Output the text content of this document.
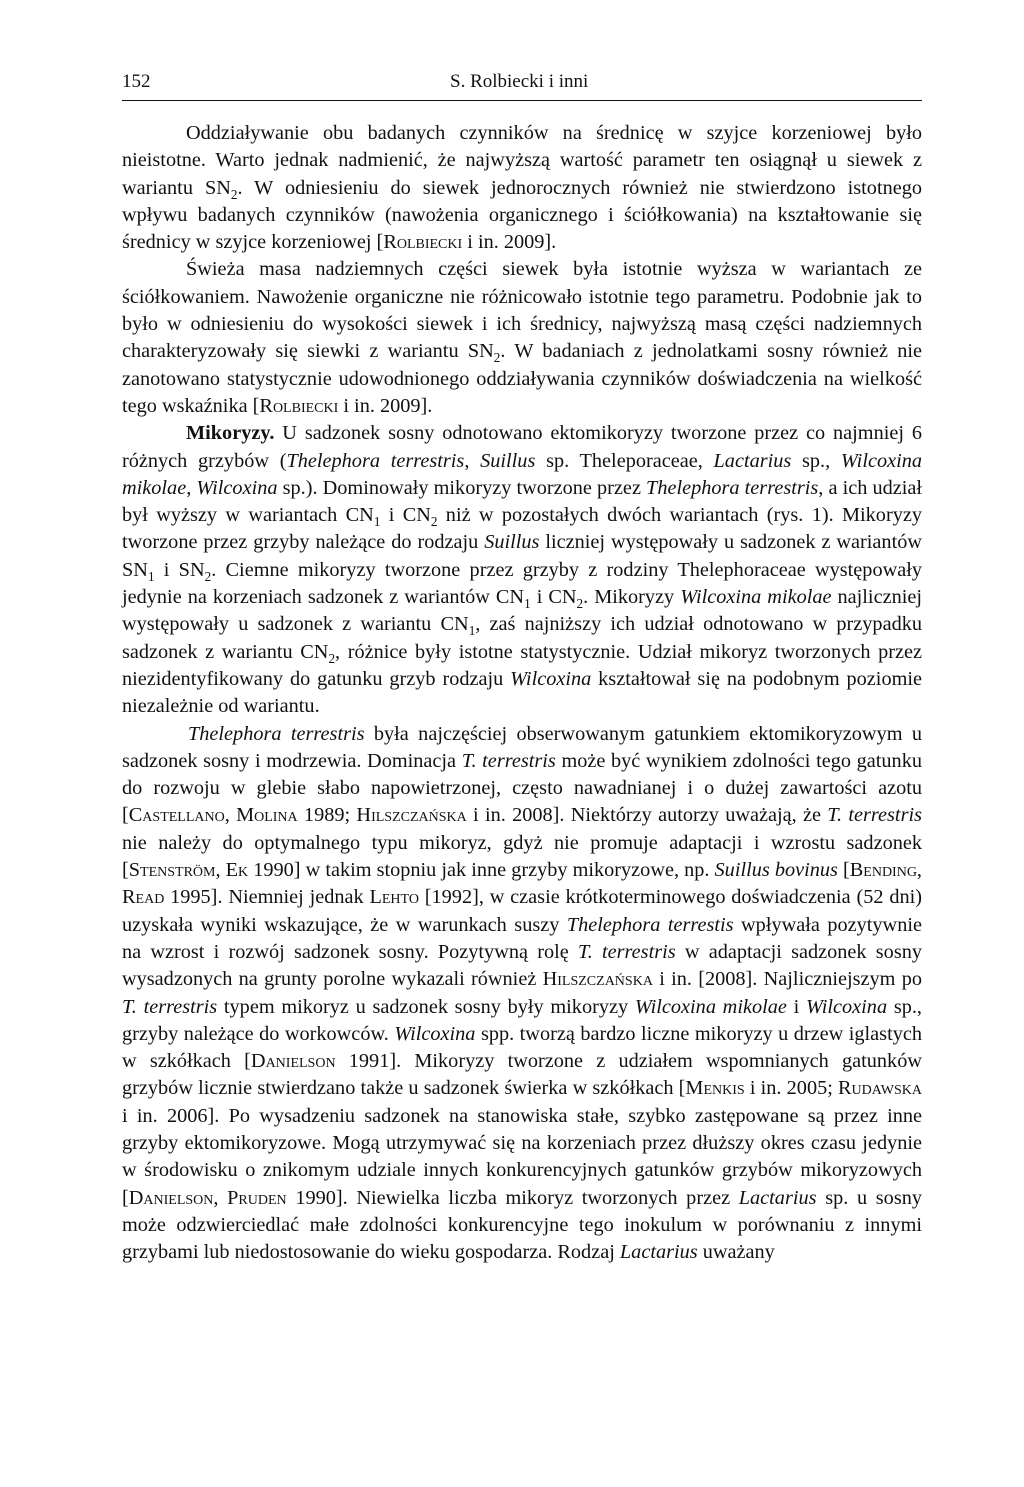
152	S. Rolbiecki i inni

Oddziaływanie obu badanych czynników na średnicę w szyjce korzeniowej było nieistotne. Warto jednak nadmienić, że najwyższą wartość parametr ten osiągnął u siewek z wariantu $SN_2$. W odniesieniu do siewek jednorocznych również nie stwierdzono istotnego wpływu badanych czynników (nawożenia organicznego i ściółkowania) na kształtowanie się średnicy w szyjce korzeniowej [Rolbiecki i in. 2009].

Świeża masa nadziemnych części siewek była istotnie wyższa w wariantach ze ściółkowaniem. Nawożenie organiczne nie różnicowało istotnie tego parametru. Podobnie jak to było w odniesieniu do wysokości siewek i ich średnicy, najwyższą masą części nadziemnych charakteryzowały się siewki z wariantu $SN_2$. W badaniach z jednolatkami sosny również nie zanotowano statystycznie udowodnionego oddziaływania czynników doświadczenia na wielkość tego wskaźnika [Rolbiecki i in. 2009].

Mikoryzy. U sadzonek sosny odnotowano ektomikoryzy tworzone przez co najmniej 6 różnych grzybów (Thelephora terrestris, Suillus sp. Theleporaceae, Lactarius sp., Wilcoxina mikolae, Wilcoxina sp.). Dominowały mikoryzy tworzone przez Thelephora terrestris, a ich udział był wyższy w wariantach $CN_1$ i $CN_2$ niż w pozostałych dwóch wariantach (rys. 1). Mikoryzy tworzone przez grzyby należące do rodzaju Suillus liczniej występowały u sadzonek z wariantów $SN_1$ i $SN_2$. Ciemne mikoryzy tworzone przez grzyby z rodziny Thelephoraceae występowały jedynie na korzeniach sadzonek z wariantów $CN_1$ i $CN_2$. Mikoryzy Wilcoxina mikolae najliczniej występowały u sadzonek z wariantu $CN_1$, zaś najniższy ich udział odnotowano w przypadku sadzonek z wariantu $CN_2$, różnice były istotne statystycznie. Udział mikoryz tworzonych przez niezidentyfikowany do gatunku grzyb rodzaju Wilcoxina kształtował się na podobnym poziomie niezależnie od wariantu.

Thelephora terrestris była najczęściej obserwowanym gatunkiem ektomikoryzowym u sadzonek sosny i modrzewia. Dominacja T. terrestris może być wynikiem zdolności tego gatunku do rozwoju w glebie słabo napowietrzonej, często nawadnianej i o dużej zawartości azotu [Castellano, Molina 1989; Hilszczańska i in. 2008]. Niektórzy autorzy uważają, że T. terrestris nie należy do optymalnego typu mikoryz, gdyż nie promuje adaptacji i wzrostu sadzonek [Stenström, Ek 1990] w takim stopniu jak inne grzyby mikoryzowe, np. Suillus bovinus [Bending, Read 1995]. Niemniej jednak Lehto [1992], w czasie krótkoterminowego doświadczenia (52 dni) uzyskała wyniki wskazujące, że w warunkach suszy Thelephora terrestis wpływała pozytywnie na wzrost i rozwój sadzonek sosny. Pozytywną rolę T. terrestris w adaptacji sadzonek sosny wysadzonych na grunty porolne wykazali również Hilszczańska i in. [2008]. Najliczniejszym po T. terrestris typem mikoryz u sadzonek sosny były mikoryzy Wilcoxina mikolae i Wilcoxina sp., grzyby należące do workowców. Wilcoxina spp. tworzą bardzo liczne mikoryzy u drzew iglastych w szkółkach [Danielson 1991]. Mikoryzy tworzone z udziałem wspomnianych gatunków grzybów licznie stwierdzano także u sadzonek świerka w szkółkach [Menkis i in. 2005; Rudawska i in. 2006]. Po wysadzeniu sadzonek na stanowiska stałe, szybko zastępowane są przez inne grzyby ektomikoryzowe. Mogą utrzymywać się na korzeniach przez dłuższy okres czasu jedynie w środowisku o znikomym udziale innych konkurencyjnych gatunków grzybów mikoryzowych [Danielson, Pruden 1990]. Niewielka liczba mikoryz tworzonych przez Lactarius sp. u sosny może odzwierciedlać małe zdolności konkurencyjne tego inokulum w porównaniu z innymi grzybami lub niedostosowanie do wieku gospodarza. Rodzaj Lactarius uważany
